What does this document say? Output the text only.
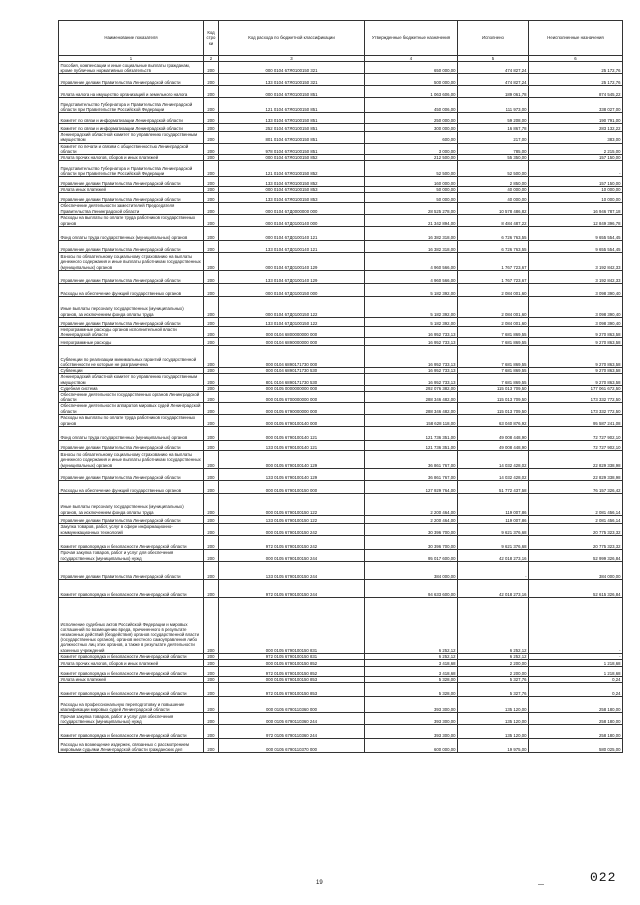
Наименование показателя	Код стро ки	Код расхода по бюджетной классификации	Утвержденные бюджетные назначения	Исполнено	Неисполненные назначения
1	2	3	4	5	6
Пособия, компенсации и иные социальные выплаты гражданам, кроме публичных нормативных обязательств	200	000 0104 67Я0100150 321	650 000,00	474 827,24	25 172,76
Управление делами Правительства Ленинградской области	200	133 0104 67Я0100150 321	500 000,00	474 827,24	25 172,76
Уплата налога на имущество организаций и земельного налога	200	000 0104 67Я0100150 851	1 063 606,00	189 061,78	874 545,22
Представительство Губернатора и Правительства Ленинградской области при Правительстве Российской Федерации	200	121 0104 67Я0100150 851	450 006,00	111 973,00	338 027,00
Комитет по связи и информатизации Ленинградской области	200	133 0104 67Я0100150 851	250 000,00	59 208,00	190 791,00
Комитет по связи и информатизации Ленинградской области	200	252 0104 67Я0100150 851	300 000,00	16 867,78	283 132,22
Ленинградский областной комитет по управлению государственным имуществом	200	801 0104 67Я0100150 851	600,00	217,00	383,00
Комитет по печати и связям с общественностью Ленинградской области	200	978 0104 67Я0100150 851	3 000,00	785,00	2 215,00
Уплата прочих налогов, сборов и иных платежей	200	000 0104 67Я0100150 852	212 500,00	55 350,00	157 150,00
Представительство Губернатора и Правительства Ленинградской области при Правительстве Российской Федерации	200	121 0104 67Я0100150 852	52 500,00	52 500,00	-
Управление делами Правительства Ленинградской области	200	133 0104 67Я0100150 852	160 000,00	2 850,00	157 150,00
Уплата иных платежей	200	000 0104 67Я0100150 853	50 000,00	40 000,00	10 000,00
Управление делами Правительства Ленинградской области	200	133 0104 67Я0100150 853	50 000,00	40 000,00	10 000,00
Обеспечение деятельности заместителей Председателя Правительства Ленинградской области	200	000 0104 67Д0000000 000	28 525 278,00	10 578 486,82	16 946 787,18
Расходы на выплаты по оплате труда работников государственных органов	200	000 0104 67Д0100140 000	21 342 894,00	8 484 487,22	12 849 396,78
Фонд оплаты труда государственных (муниципальных) органов	200	000 0104 67Д0100140 121	16 382 318,00	6 726 763,55	9 655 554,45
Управление делами Правительства Ленинградской области	200	133 0104 67Д0100140 121	16 382 318,00	6 726 763,55	9 655 554,45
Взносы по обязательному социальному страхованию на выплаты денежного содержания и иные выплаты работникам государственных (муниципальных) органов	200	000 0104 67Д0100140 129	4 960 566,00	1 767 723,67	3 192 842,33
Управление делами Правительства Ленинградской области	200	133 0104 67Д0100140 129	4 960 566,00	1 767 723,67	3 192 842,33
Расходы на обеспечение функций государственных органов	200	000 0104 67Д0100150 000	5 182 392,00	2 084 001,60	3 098 390,40
Иные выплаты персоналу государственных (муниципальных) органов, за исключением фонда оплаты труда	200	000 0104 67Д0100150 122	5 182 392,00	2 084 001,60	3 098 390,40
Управление делами Правительства Ленинградской области	200	133 0104 67Д0100150 122	5 182 392,00	2 084 001,60	3 098 390,40
Непрограммные расходы органов исполнительной власти Ленинградской области	200	000 0104 6800000000 000	16 952 733,13	7 681 869,55	9 270 863,58
Непрограммные расходы	200	000 0104 6890000000 000	16 952 733,13	7 681 869,55	9 270 863,58
Субвенции по реализации минимальных гарантий государственной собственности не которые не разграничена	200	000 0104 6890171730 000	16 952 733,13	7 681 869,55	9 270 863,58
Субвенции	200	000 0104 6890171730 530	16 952 733,13	7 681 869,55	9 270 863,58
Ленинградский областной комитет по управлению государственным имуществом	200	801 0104 6890171730 530	16 952 733,13	7 681 869,55	9 270 863,58
Судебная система	200	000 0105 0000000000 000	292 076 382,00	115 013 709,50	177 061 672,50
Обеспечение деятельности государственных органов Ленинградской области	200	000 0105 6700000000 000	288 346 482,00	115 013 709,50	173 332 772,50
Обеспечение деятельности аппаратов мировых судей Ленинградской области	200	000 0105 6790000000 000	288 346 482,00	115 013 709,50	173 332 772,50
Расходы на выплаты по оплате труда работников государственных органов	200	000 0105 6790100140 000	158 628 118,00	63 040 876,92	95 587 241,08
Фонд оплаты труда государственных (муниципальных) органов	200	000 0105 6790100140 121	121 736 351,00	49 008 448,90	72 727 902,10
Управление делами Правительства Ленинградской области	200	133 0105 6790100140 121	121 736 351,00	49 008 448,90	72 727 902,10
Взносы по обязательному социальному страхованию на выплаты денежного содержания и иные выплаты работникам государственных (муниципальных) органов	200	000 0105 6790100140 129	36 861 767,00	14 032 428,02	22 829 338,98
Управление делами Правительства Ленинградской области	200	133 0105 6790100140 129	36 861 767,00	14 032 428,02	22 829 338,98
Расходы на обеспечение функций государственных органов	200	000 0105 6790100150 000	127 929 764,00	51 772 437,58	76 157 326,42
Иные выплаты персоналу государственных (муниципальных) органов, за исключением фонда оплаты труда	200	000 0105 6790100150 122	2 200 464,00	119 007,86	2 081 456,14
Управление делами Правительства Ленинградской области	200	133 0105 6790100150 122	2 200 464,00	119 007,86	2 081 456,14
Закупка товаров, работ, услуг в сфере информационно-коммуникационных технологий	200	000 0105 6790100150 242	30 396 700,00	9 621 376,68	20 775 323,32
Комитет правопорядка и безопасности Ленинградской области	200	972 0105 6790100150 242	30 396 700,00	9 621 376,68	20 775 323,32
Прочая закупка товаров, работ и услуг для обеспечения государственных (муниципальных) нужд	200	000 0105 6790100150 244	95 017 600,00	42 018 273,16	52 999 326,84
Управление делами Правительства Ленинградской области	200	133 0105 6790100150 244	384 000,00	-	384 000,00
Комитет правопорядка и безопасности Ленинградской области	200	972 0105 6790100150 244	94 633 600,00	42 018 273,16	52 615 326,84
Исполнение судебных актов Российской Федерации и мировых соглашений по возмещению вреда, причиненного в результате незаконных действий (бездействия) органов государственной власти (государственных органов), органов местного самоуправления либо должностных лиц этих органов, а также в результате деятельности казенных учреждений	200	000 0105 6790100150 831	6 252,12	6 252,12	-
Комитет правопорядка и безопасности Ленинградской области	200	972 0105 6790100150 831	6 252,12	6 252,12	-
Уплата прочих налогов, сборов и иных платежей	200	000 0105 6790100150 852	3 418,68	2 200,00	1 218,68
Комитет правопорядка и безопасности Ленинградской области	200	972 0105 6790100150 852	3 418,68	2 200,00	1 218,68
Уплата иных платежей	200	000 0105 6790100150 853	5 328,00	5 327,76	0,24
Комитет правопорядка и безопасности Ленинградской области	200	972 0105 6790100150 853	5 328,00	5 327,76	0,24
Расходы на профессиональную переподготовку и повышение квалификации мировых судей Ленинградской области	200	000 0105 6790110360 000	393 300,00	135 120,00	258 180,00
Прочая закупка товаров, работ и услуг для обеспечения государственных (муниципальных) нужд	200	000 0105 6790110360 244	393 300,00	135 120,00	258 180,00
Комитет правопорядка и безопасности Ленинградской области	200	972 0105 6790110360 244	393 300,00	135 120,00	258 180,00
Расходы на возмещение издержек, связанных с рассмотрением мировыми судьями Ленинградской области гражданских дел	200	000 0105 6790110370 000	600 000,00	19 975,00	580 025,00
19	—	022
